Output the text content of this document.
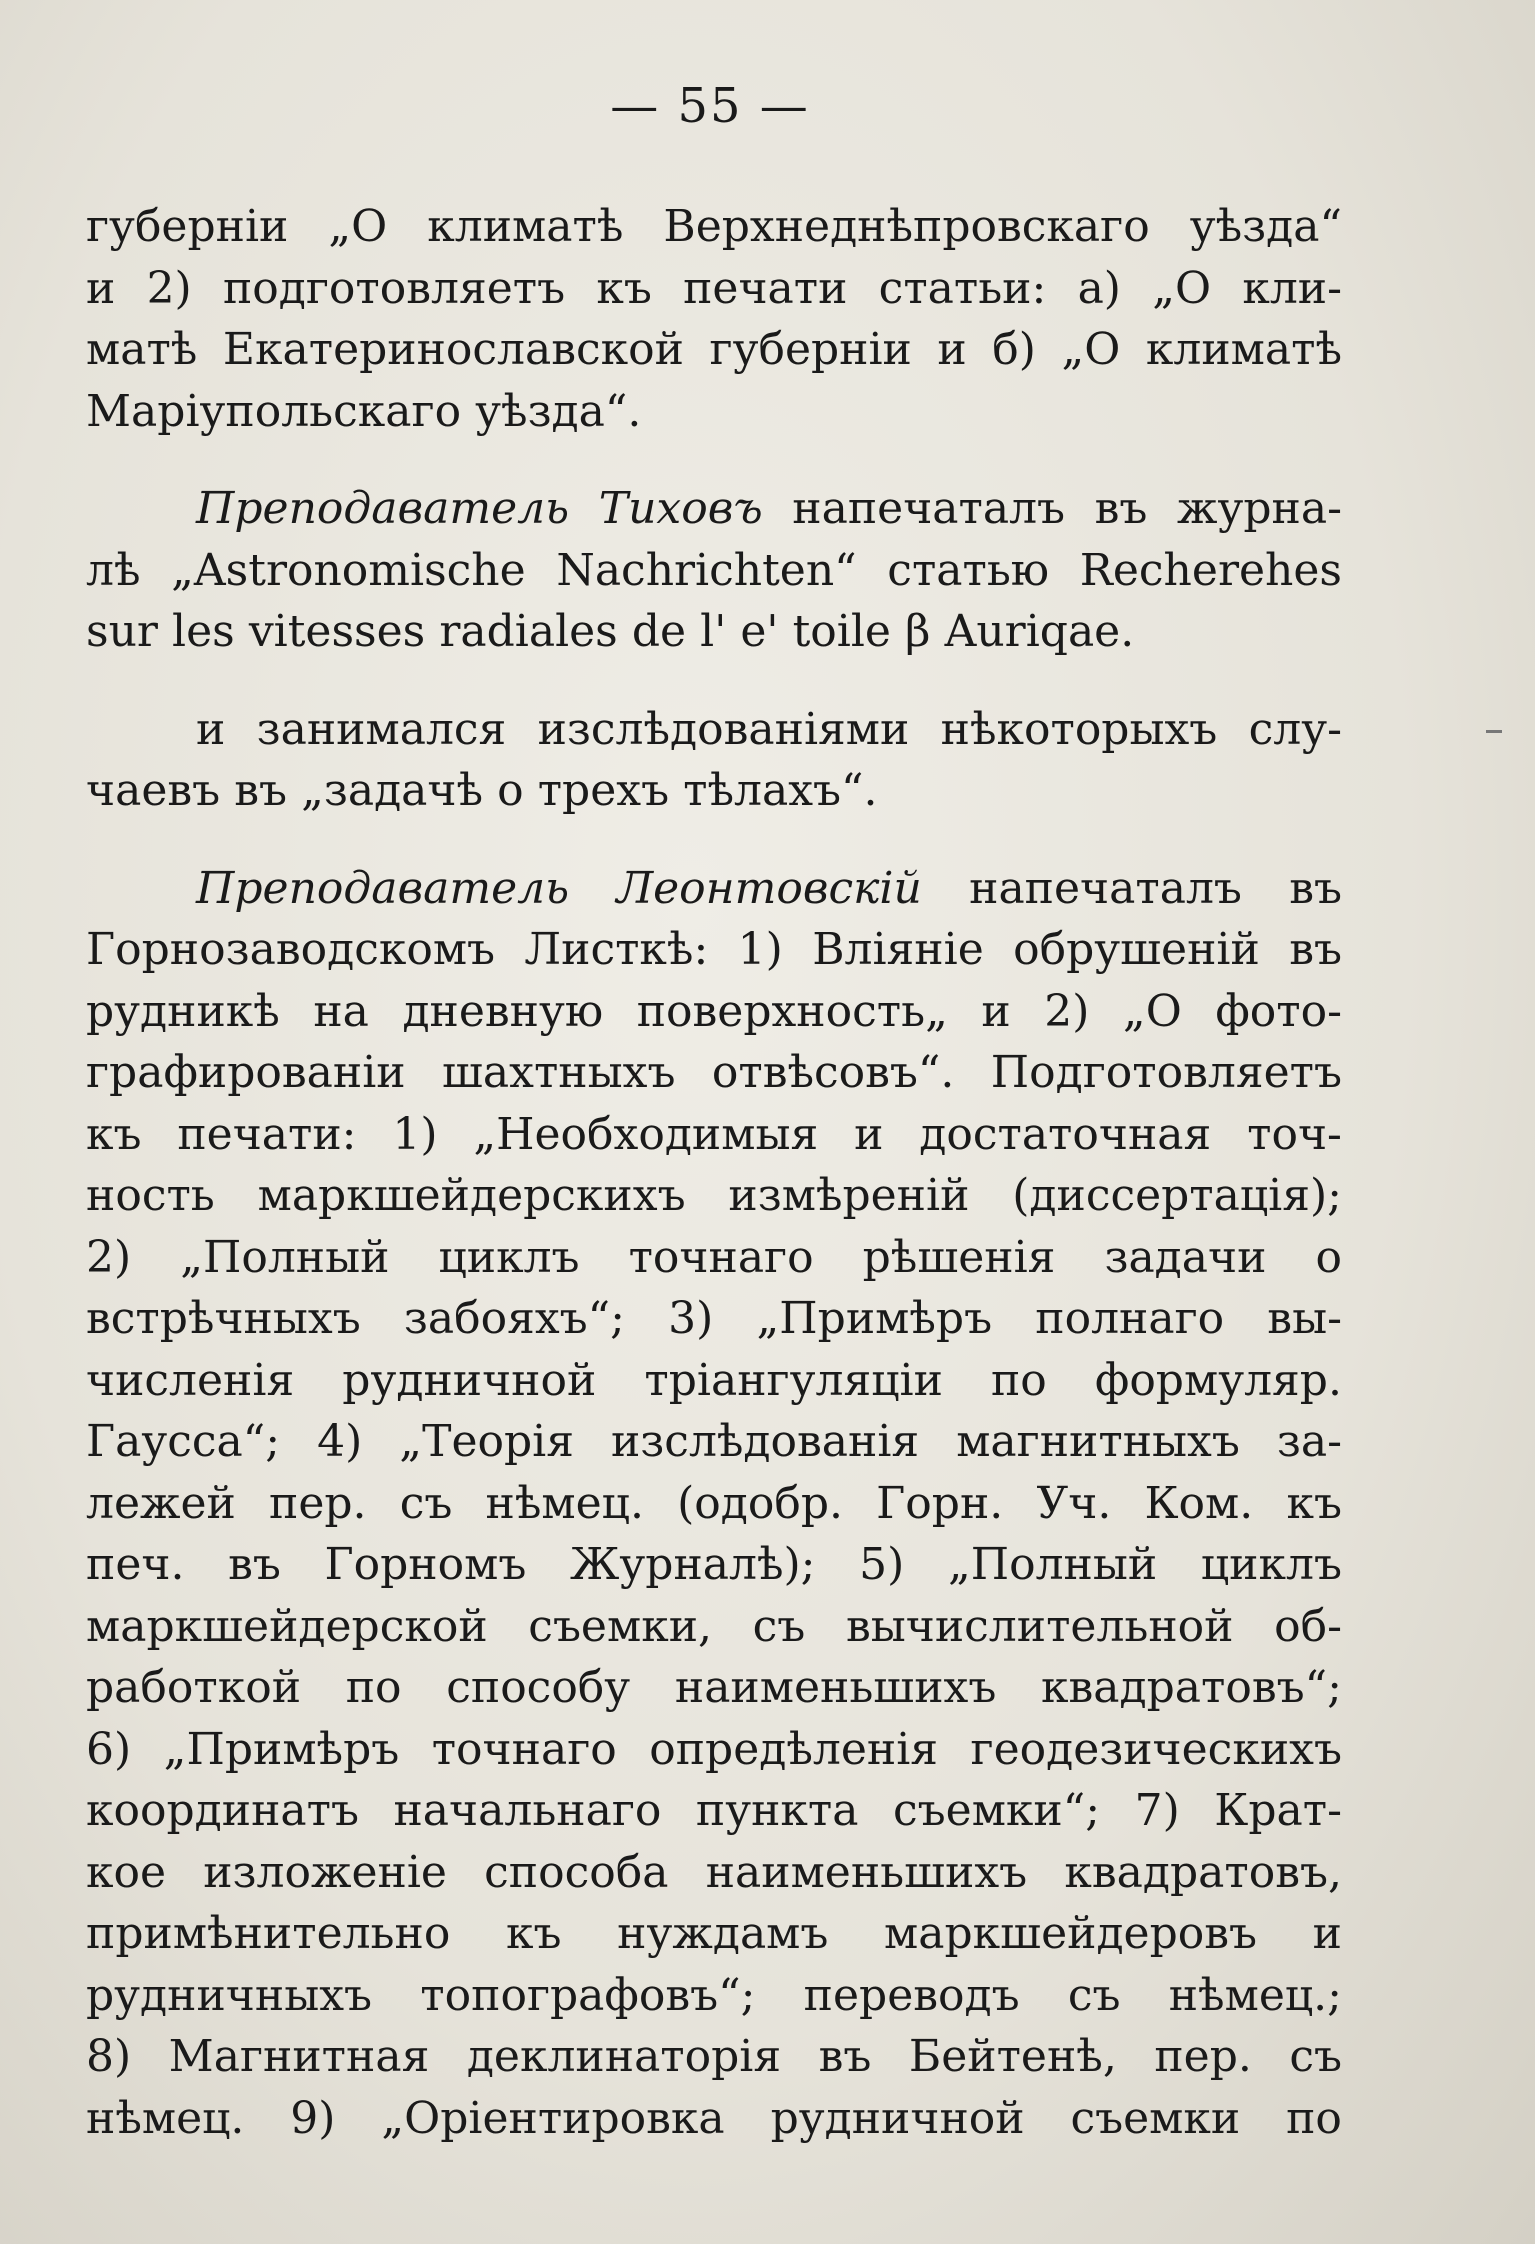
— 55 —
губерніи „О климатѣ Верхнеднѣпровскаго уѣзда“
и 2) подготовляетъ къ печати статьи: а) „О кли-
матѣ Екатеринославской губерніи и б) „О климатѣ
Маріупольскаго уѣзда“.
Преподаватель Тиховъ напечаталъ въ журна-
лѣ „Astronomische Nachrichten“ статью Recherehes
sur les vitesses radiales de l' e' toile β Auriqae.
и занимался изслѣдованіями нѣкоторыхъ слу-
чаевъ въ „задачѣ о трехъ тѣлахъ“.
Преподаватель Леонтовскій напечаталъ въ
Горнозаводскомъ Листкѣ: 1) Вліяніе обрушеній въ
рудникѣ на дневную поверхность„ и 2) „О фото-
графированіи шахтныхъ отвѣсовъ“. Подготовляетъ
къ печати: 1) „Необходимыя и достаточная точ-
ность маркшейдерскихъ измѣреній (диссертація);
2) „Полный циклъ точнаго рѣшенія задачи о
встрѣчныхъ забояхъ“; 3) „Примѣръ полнаго вы-
численія рудничной тріангуляціи по формуляр.
Гаусса“; 4) „Теорія изслѣдованія магнитныхъ за-
лежей пер. съ нѣмец. (одобр. Горн. Уч. Ком. къ
печ. въ Горномъ Журналѣ); 5) „Полный циклъ
маркшейдерской съемки, съ вычислительной об-
работкой по способу наименьшихъ квадратовъ“;
6) „Примѣръ точнаго опредѣленія геодезическихъ
координатъ начальнаго пункта съемки“; 7) Крат-
кое изложеніе способа наименьшихъ квадратовъ,
примѣнительно къ нуждамъ маркшейдеровъ и
рудничныхъ топографовъ“; переводъ съ нѣмец.;
8) Магнитная деклинаторія въ Бейтенѣ, пер. съ
нѣмец. 9) „Оріентировка рудничной съемки по
